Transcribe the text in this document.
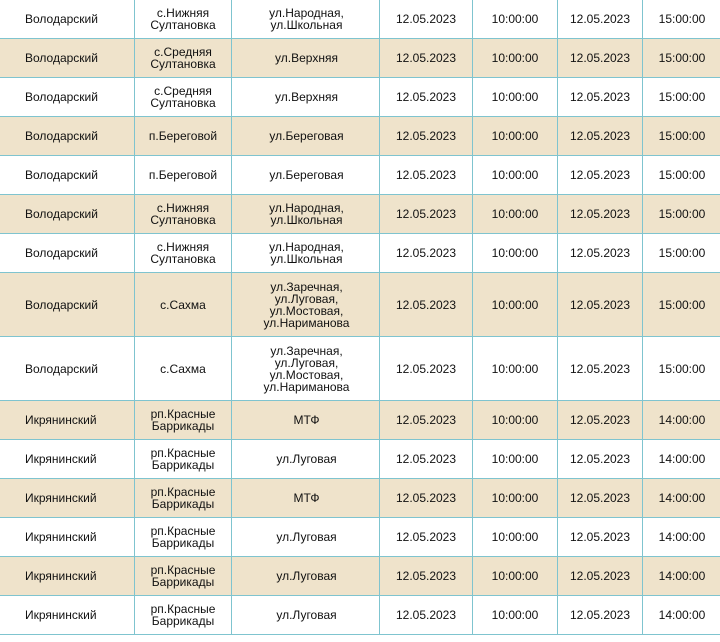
Володарский	с.Нижняя Султановка	ул.Народная,
ул.Школьная	12.05.2023	10:00:00	12.05.2023	15:00:00
Володарский	с.Средняя Султановка	ул.Верхняя	12.05.2023	10:00:00	12.05.2023	15:00:00
Володарский	с.Средняя Султановка	ул.Верхняя	12.05.2023	10:00:00	12.05.2023	15:00:00
Володарский	п.Береговой	ул.Береговая	12.05.2023	10:00:00	12.05.2023	15:00:00
Володарский	п.Береговой	ул.Береговая	12.05.2023	10:00:00	12.05.2023	15:00:00
Володарский	с.Нижняя Султановка	ул.Народная,
ул.Школьная	12.05.2023	10:00:00	12.05.2023	15:00:00
Володарский	с.Нижняя Султановка	ул.Народная,
ул.Школьная	12.05.2023	10:00:00	12.05.2023	15:00:00
Володарский	с.Сахма	ул.Заречная,
ул.Луговая,
ул.Мостовая,
ул.Нариманова	12.05.2023	10:00:00	12.05.2023	15:00:00
Володарский	с.Сахма	ул.Заречная,
ул.Луговая,
ул.Мостовая,
ул.Нариманова	12.05.2023	10:00:00	12.05.2023	15:00:00
Икрянинский	рп.Красные Баррикады	МТФ	12.05.2023	10:00:00	12.05.2023	14:00:00
Икрянинский	рп.Красные Баррикады	ул.Луговая	12.05.2023	10:00:00	12.05.2023	14:00:00
Икрянинский	рп.Красные Баррикады	МТФ	12.05.2023	10:00:00	12.05.2023	14:00:00
Икрянинский	рп.Красные Баррикады	ул.Луговая	12.05.2023	10:00:00	12.05.2023	14:00:00
Икрянинский	рп.Красные Баррикады	ул.Луговая	12.05.2023	10:00:00	12.05.2023	14:00:00
Икрянинский	рп.Красные Баррикады	ул.Луговая	12.05.2023	10:00:00	12.05.2023	14:00:00
